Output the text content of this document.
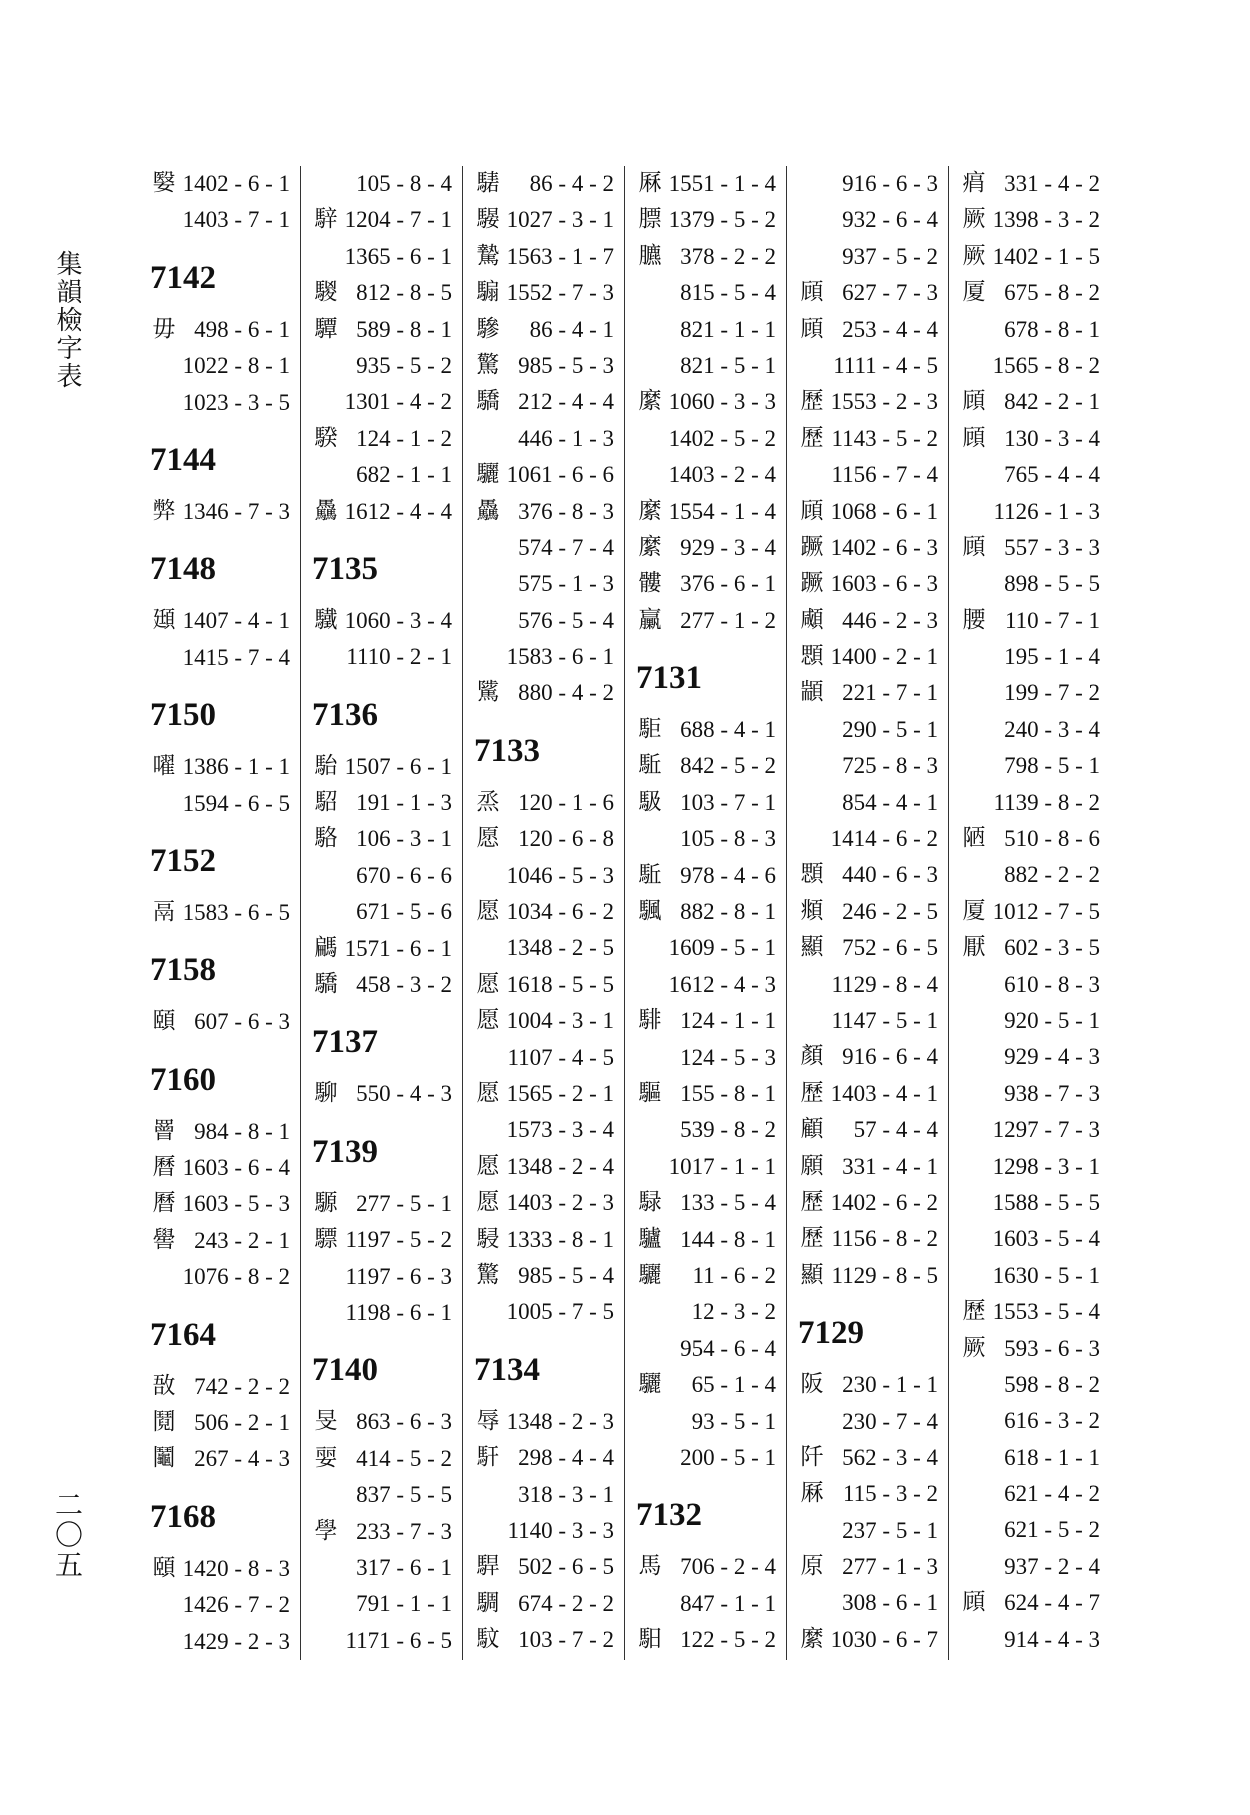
集韻檢字表
二〇五
嫛 1402 - 6 - 1
1403 - 7 - 1
7142
毋 498 - 6 - 1
1022 - 8 - 1
1023 - 3 - 5
7144
弊 1346 - 7 - 3
7148
頲 1407 - 4 - 1
1415 - 7 - 4
7150
嚁 1386 - 1 - 1
1594 - 6 - 5
7152
鬲 1583 - 6 - 5
7158
頤 607 - 6 - 3
7160
罾 984 - 8 - 1
曆 1603 - 6 - 4
曆 1603 - 5 - 3
嚳 243 - 2 - 1
1076 - 8 - 2
7164
敔 742 - 2 - 2
鬩 506 - 2 - 1
鬮 267 - 4 - 3
7168
頤 1420 - 8 - 3
1426 - 7 - 2
1429 - 2 - 3
105 - 8 - 4
騂 1204 - 7 - 1
1365 - 6 - 1
騣 812 - 8 - 5
驔 589 - 8 - 1
935 - 5 - 2
1301 - 4 - 2
騤 124 - 1 - 2
682 - 1 - 1
驫 1612 - 4 - 4
7135
驖 1060 - 3 - 4
1110 - 2 - 1
7136
駘 1507 - 6 - 1
駋 191 - 1 - 3
駱 106 - 3 - 1
670 - 6 - 6
671 - 5 - 6
騗 1571 - 6 - 1
驕 458 - 3 - 2
7137
駠 550 - 4 - 3
7139
騵 277 - 5 - 1
驃 1197 - 5 - 2
1197 - 6 - 3
1198 - 6 - 1
7140
旻 863 - 6 - 3
婯 414 - 5 - 2
837 - 5 - 5
學 233 - 7 - 3
317 - 6 - 1
791 - 1 - 1
1171 - 6 - 5
騞 86 - 4 - 2
騴 1027 - 3 - 1
騺 1563 - 1 - 7
騸 1552 - 7 - 3
驂 86 - 4 - 1
驚 985 - 5 - 3
驕 212 - 4 - 4
446 - 1 - 3
驪 1061 - 6 - 6
驫 376 - 8 - 3
574 - 7 - 4
575 - 1 - 3
576 - 5 - 4
1583 - 6 - 1
騭 880 - 4 - 2
7133
烝 120 - 1 - 6
愿 120 - 6 - 8
1046 - 5 - 3
愿 1034 - 6 - 2
1348 - 2 - 5
愿 1618 - 5 - 5
愿 1004 - 3 - 1
1107 - 4 - 5
愿 1565 - 2 - 1
1573 - 3 - 4
愿 1348 - 2 - 4
愿 1403 - 2 - 3
駸 1333 - 8 - 1
驚 985 - 5 - 4
1005 - 7 - 5
7134
辱 1348 - 2 - 3
馯 298 - 4 - 4
318 - 3 - 1
1140 - 3 - 3
駻 502 - 6 - 5
騆 674 - 2 - 2
馼 103 - 7 - 2
厤 1551 - 1 - 4
膘 1379 - 5 - 2
臕 378 - 2 - 2
815 - 5 - 4
821 - 1 - 1
821 - 5 - 1
縻 1060 - 3 - 3
1402 - 5 - 2
1403 - 2 - 4
縻 1554 - 1 - 4
縻 929 - 3 - 4
髏 376 - 6 - 1
臝 277 - 1 - 2
7131
駏 688 - 4 - 1
駈 842 - 5 - 2
馺 103 - 7 - 1
105 - 8 - 3
駈 978 - 4 - 6
颿 882 - 8 - 1
1609 - 5 - 1
1612 - 4 - 3
騑 124 - 1 - 1
124 - 5 - 3
驅 155 - 8 - 1
539 - 8 - 2
1017 - 1 - 1
騄 133 - 5 - 4
驢 144 - 8 - 1
驪 11 - 6 - 2
12 - 3 - 2
954 - 6 - 4
驪 65 - 1 - 4
93 - 5 - 1
200 - 5 - 1
7132
馬 706 - 2 - 4
847 - 1 - 1
馹 122 - 5 - 2
916 - 6 - 3
932 - 6 - 4
937 - 5 - 2
頋 627 - 7 - 3
頋 253 - 4 - 4
1111 - 4 - 5
歷 1553 - 2 - 3
歷 1143 - 5 - 2
1156 - 7 - 4
頋 1068 - 6 - 1
蹶 1402 - 6 - 3
蹶 1603 - 6 - 3
顑 446 - 2 - 3
顋 1400 - 2 - 1
顓 221 - 7 - 1
290 - 5 - 1
725 - 8 - 3
854 - 4 - 1
1414 - 6 - 2
顋 440 - 6 - 3
頫 246 - 2 - 5
顯 752 - 6 - 5
1129 - 8 - 4
1147 - 5 - 1
顏 916 - 6 - 4
歷 1403 - 4 - 1
顧 57 - 4 - 4
願 331 - 4 - 1
歷 1402 - 6 - 2
歷 1156 - 8 - 2
顯 1129 - 8 - 5
7129
阪 230 - 1 - 1
230 - 7 - 4
阡 562 - 3 - 4
厤 115 - 3 - 2
237 - 5 - 1
原 277 - 1 - 3
308 - 6 - 1
縻 1030 - 6 - 7
㾓 331 - 4 - 2
厥 1398 - 3 - 2
厥 1402 - 1 - 5
厦 675 - 8 - 2
678 - 8 - 1
1565 - 8 - 2
頋 842 - 2 - 1
頋 130 - 3 - 4
765 - 4 - 4
1126 - 1 - 3
頋 557 - 3 - 3
898 - 5 - 5
腰 110 - 7 - 1
195 - 1 - 4
199 - 7 - 2
240 - 3 - 4
798 - 5 - 1
1139 - 8 - 2
陋 510 - 8 - 6
882 - 2 - 2
厦 1012 - 7 - 5
厭 602 - 3 - 5
610 - 8 - 3
920 - 5 - 1
929 - 4 - 3
938 - 7 - 3
1297 - 7 - 3
1298 - 3 - 1
1588 - 5 - 5
1603 - 5 - 4
1630 - 5 - 1
歷 1553 - 5 - 4
厥 593 - 6 - 3
598 - 8 - 2
616 - 3 - 2
618 - 1 - 1
621 - 4 - 2
621 - 5 - 2
937 - 2 - 4
頋 624 - 4 - 7
914 - 4 - 3
